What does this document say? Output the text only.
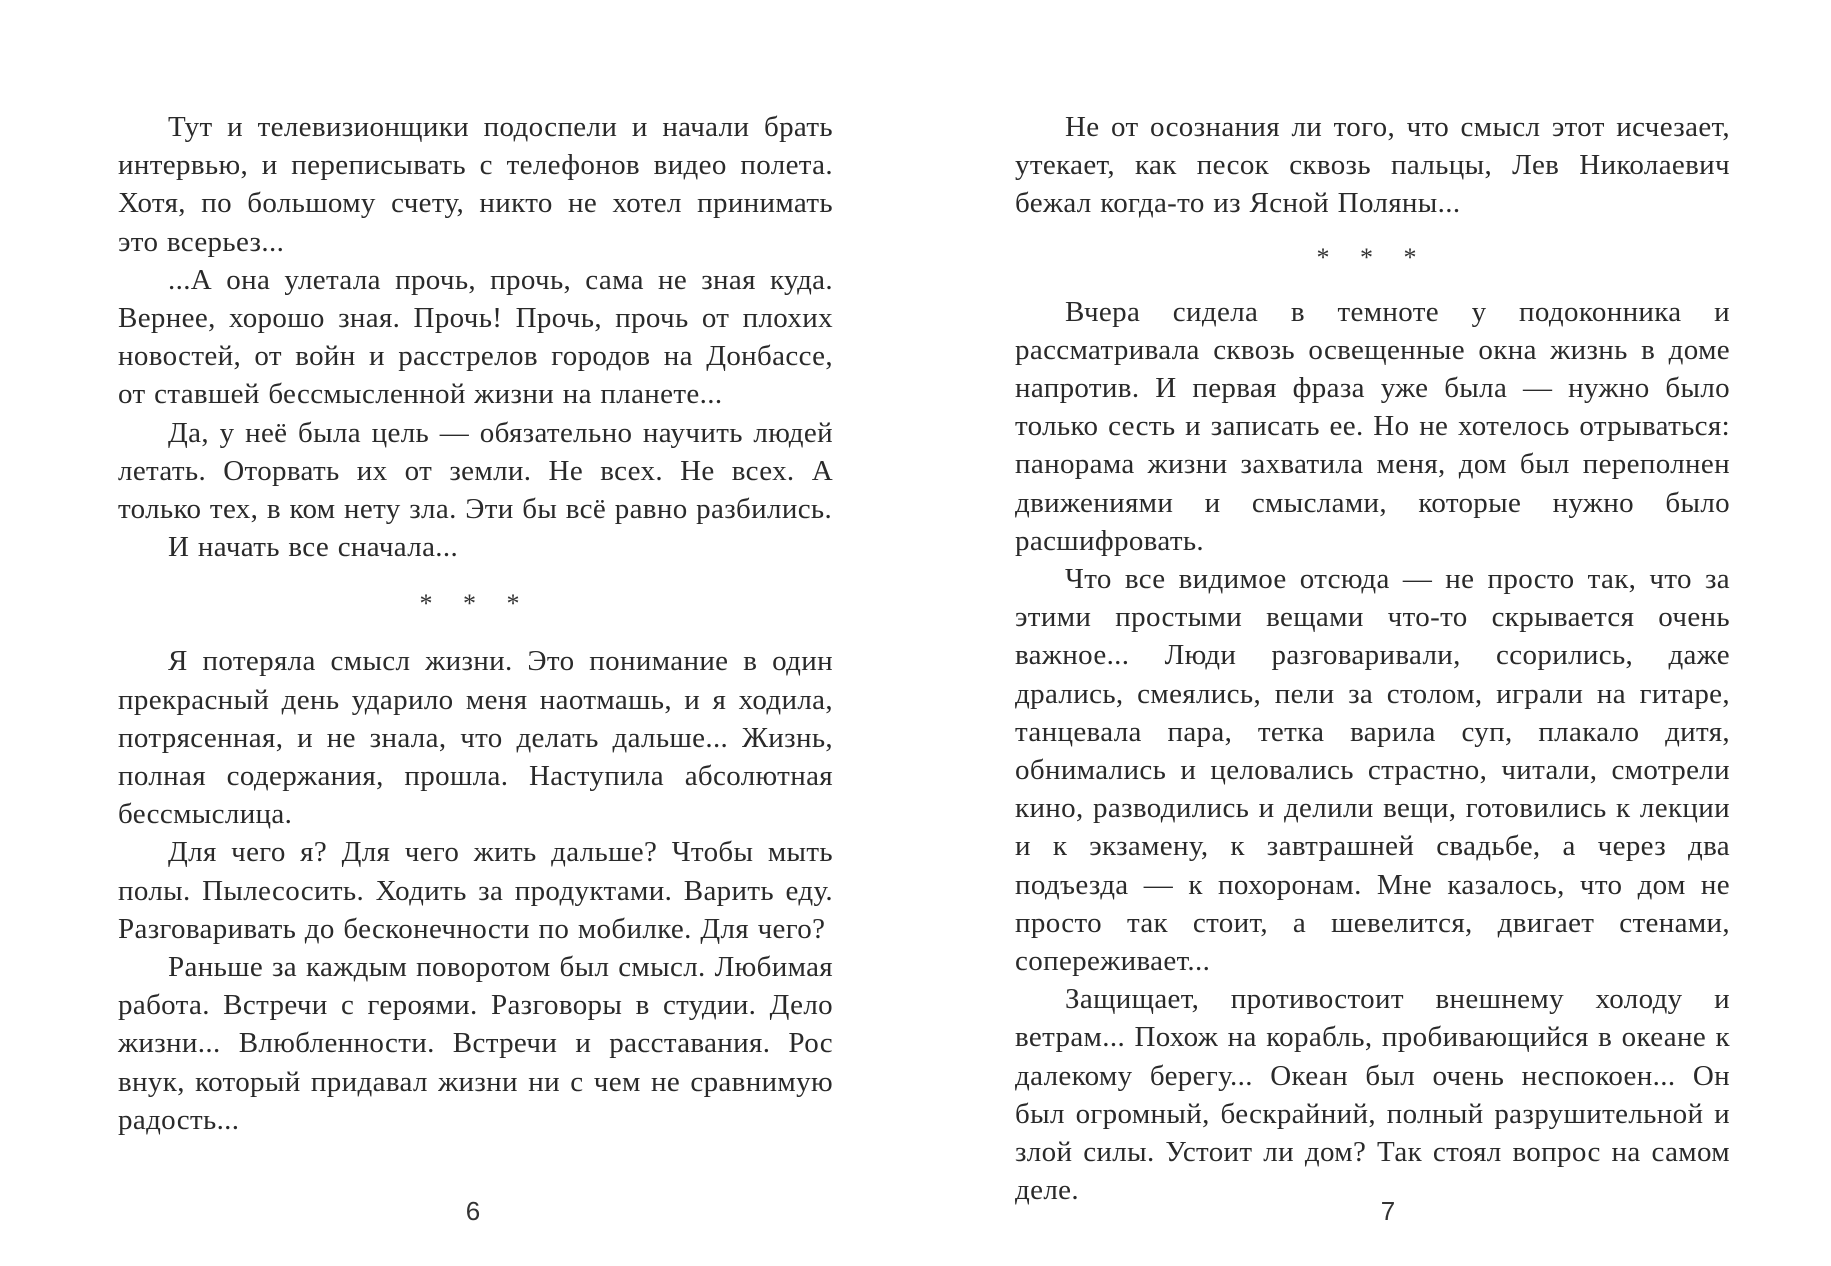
Тут и телевизионщики подоспели и начали брать интервью, и переписывать с телефонов видео полета. Хотя, по большому счету, никто не хотел принимать это всерьез...

...А она улетала прочь, прочь, сама не зная куда. Вернее, хорошо зная. Прочь! Прочь, прочь от плохих новостей, от войн и расстрелов городов на Донбассе, от ставшей бессмысленной жизни на планете...

Да, у неё была цель — обязательно научить людей летать. Оторвать их от земли. Не всех. Не всех. А только тех, в ком нету зла. Эти бы всё равно разбились.

И начать все сначала...

* * *

Я потеряла смысл жизни. Это понимание в один прекрасный день ударило меня наотмашь, и я ходила, потрясенная, и не знала, что делать дальше... Жизнь, полная содержания, прошла. Наступила абсолютная бессмыслица.

Для чего я? Для чего жить дальше? Чтобы мыть полы. Пылесосить. Ходить за продуктами. Варить еду. Разговаривать до бесконечности по мобилке. Для чего?

Раньше за каждым поворотом был смысл. Любимая работа. Встречи с героями. Разговоры в студии. Дело жизни... Влюбленности. Встречи и расставания. Рос внук, который придавал жизни ни с чем не сравнимую радость...

6

Не от осознания ли того, что смысл этот исчезает, утекает, как песок сквозь пальцы, Лев Николаевич бежал когда-то из Ясной Поляны...

* * *

Вчера сидела в темноте у подоконника и рассматривала сквозь освещенные окна жизнь в доме напротив. И первая фраза уже была — нужно было только сесть и записать ее. Но не хотелось отрываться: панорама жизни захватила меня, дом был переполнен движениями и смыслами, которые нужно было расшифровать.

Что все видимое отсюда — не просто так, что за этими простыми вещами что-то скрывается очень важное... Люди разговаривали, ссорились, даже дрались, смеялись, пели за столом, играли на гитаре, танцевала пара, тетка варила суп, плакало дитя, обнимались и целовались страстно, читали, смотрели кино, разводились и делили вещи, готовились к лекции и к экзамену, к завтрашней свадьбе, а через два подъезда — к похоронам. Мне казалось, что дом не просто так стоит, а шевелится, двигает стенами, сопереживает...

Защищает, противостоит внешнему холоду и ветрам... Похож на корабль, пробивающийся в океане к далекому берегу... Океан был очень неспокоен... Он был огромный, бескрайний, полный разрушительной и злой силы. Устоит ли дом? Так стоял вопрос на самом деле.

7
